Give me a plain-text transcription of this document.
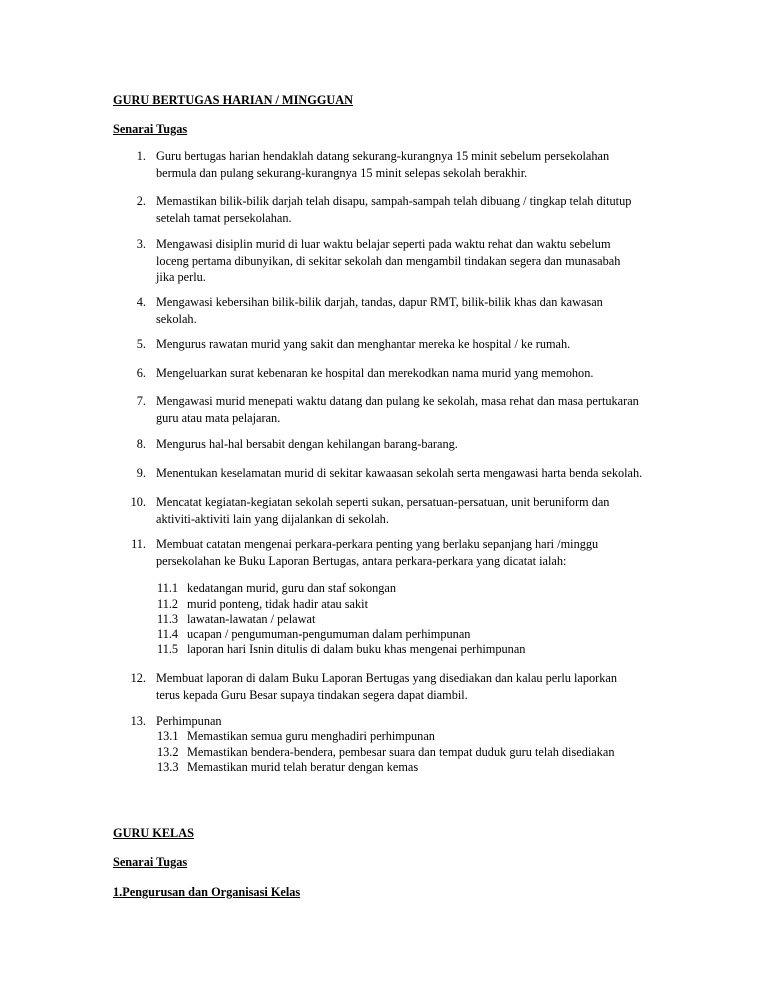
GURU BERTUGAS HARIAN / MINGGUAN
Senarai Tugas
1. Guru bertugas harian hendaklah datang sekurang-kurangnya 15 minit sebelum persekolahan
bermula dan pulang sekurang-kurangnya 15 minit selepas sekolah berakhir.
2. Memastikan bilik-bilik darjah telah disapu, sampah-sampah telah dibuang / tingkap telah ditutup
setelah tamat persekolahan.
3. Mengawasi disiplin murid di luar waktu belajar seperti pada waktu rehat dan waktu sebelum
loceng pertama dibunyikan, di sekitar sekolah dan mengambil tindakan segera dan munasabah
jika perlu.
4. Mengawasi kebersihan bilik-bilik darjah, tandas, dapur RMT, bilik-bilik khas dan kawasan
sekolah.
5. Mengurus rawatan murid yang sakit dan menghantar mereka ke hospital / ke rumah.
6. Mengeluarkan surat kebenaran ke hospital dan merekodkan nama murid yang memohon.
7. Mengawasi murid menepati waktu datang dan pulang ke sekolah, masa rehat dan masa pertukaran
guru atau mata pelajaran.
8. Mengurus hal-hal bersabit dengan kehilangan barang-barang.
9. Menentukan keselamatan murid di sekitar kawaasan sekolah serta mengawasi harta benda sekolah.
10. Mencatat kegiatan-kegiatan sekolah seperti sukan, persatuan-persatuan, unit beruniform dan
aktiviti-aktiviti lain yang dijalankan di sekolah.
11. Membuat catatan mengenai perkara-perkara penting yang berlaku sepanjang hari /minggu
persekolahan ke Buku Laporan Bertugas, antara perkara-perkara yang dicatat ialah:
11.1 kedatangan murid, guru dan staf sokongan
11.2 murid ponteng, tidak hadir atau sakit
11.3 lawatan-lawatan / pelawat
11.4 ucapan / pengumuman-pengumuman dalam perhimpunan
11.5 laporan hari Isnin ditulis di dalam buku khas mengenai perhimpunan
12. Membuat laporan di dalam Buku Laporan Bertugas yang disediakan dan kalau perlu laporkan
terus kepada Guru Besar supaya tindakan segera dapat diambil.
13. Perhimpunan
13.1 Memastikan semua guru menghadiri perhimpunan
13.2 Memastikan bendera-bendera, pembesar suara dan tempat duduk guru telah disediakan
13.3 Memastikan murid telah beratur dengan kemas
GURU KELAS
Senarai Tugas
1.Pengurusan dan Organisasi Kelas
